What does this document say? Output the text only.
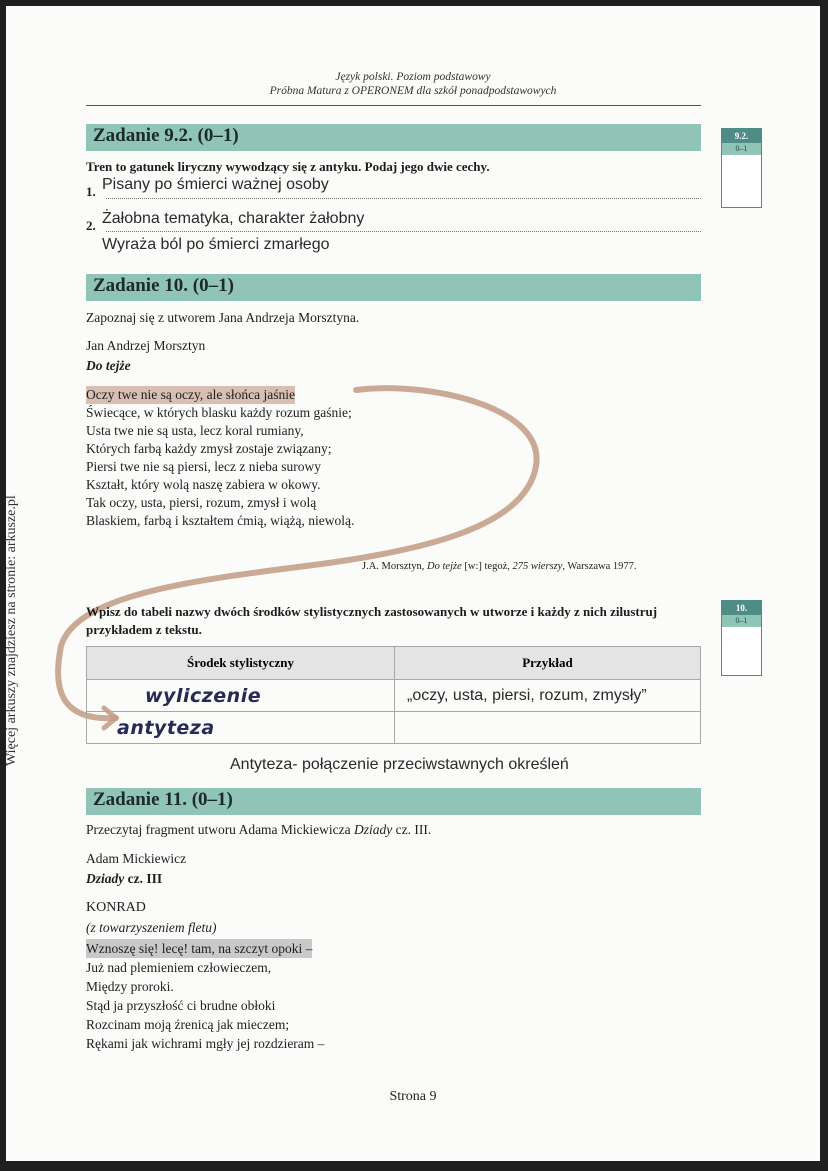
Język polski. Poziom podstawowy
Próbna Matura z OPERONEM dla szkół ponadpodstawowych
Więcej arkuszy znajdziesz na stronie: arkusze.pl
Zadanie 9.2. (0–1)	9.2.
0–1
Tren to gatunek liryczny wywodzący się z antyku. Podaj jego dwie cechy.
1. Pisany po śmierci ważnej osoby
2. Żałobna tematyka, charakter żałobny
Wyraża ból po śmierci zmarłego
Zadanie 10. (0–1)
Zapoznaj się z utworem Jana Andrzeja Morsztyna.
Jan Andrzej Morsztyn
Do tejże
Oczy twe nie są oczy, ale słońca jaśnie
Świecące, w których blasku każdy rozum gaśnie;
Usta twe nie są usta, lecz koral rumiany,
Których farbą każdy zmysł zostaje związany;
Piersi twe nie są piersi, lecz z nieba surowy
Kształt, który wolą naszę zabiera w okowy.
Tak oczy, usta, piersi, rozum, zmysł i wolą
Blaskiem, farbą i kształtem ćmią, wiążą, niewolą.
J.A. Morsztyn, Do tejże [w:] tegoż, 275 wierszy, Warszawa 1977.
Wpisz do tabeli nazwy dwóch środków stylistycznych zastosowanych w utworze i każdy z nich zilustruj przykładem z tekstu.
10.
0–1
Środek stylistyczny	Przykład
wyliczenie	„oczy, usta, piersi, rozum, zmysły”
antyteza	
Antyteza- połączenie przeciwstawnych określeń
Zadanie 11. (0–1)
Przeczytaj fragment utworu Adama Mickiewicza Dziady cz. III.
Adam Mickiewicz
Dziady cz. III
KONRAD
(z towarzyszeniem fletu)
Wznoszę się! lecę! tam, na szczyt opoki –
Już nad plemieniem człowieczem,
Między proroki.
Stąd ja przyszłość ci brudne obłoki
Rozcinam moją źrenicą jak mieczem;
Rękami jak wichrami mgły jej rozdzieram –
Strona 9
